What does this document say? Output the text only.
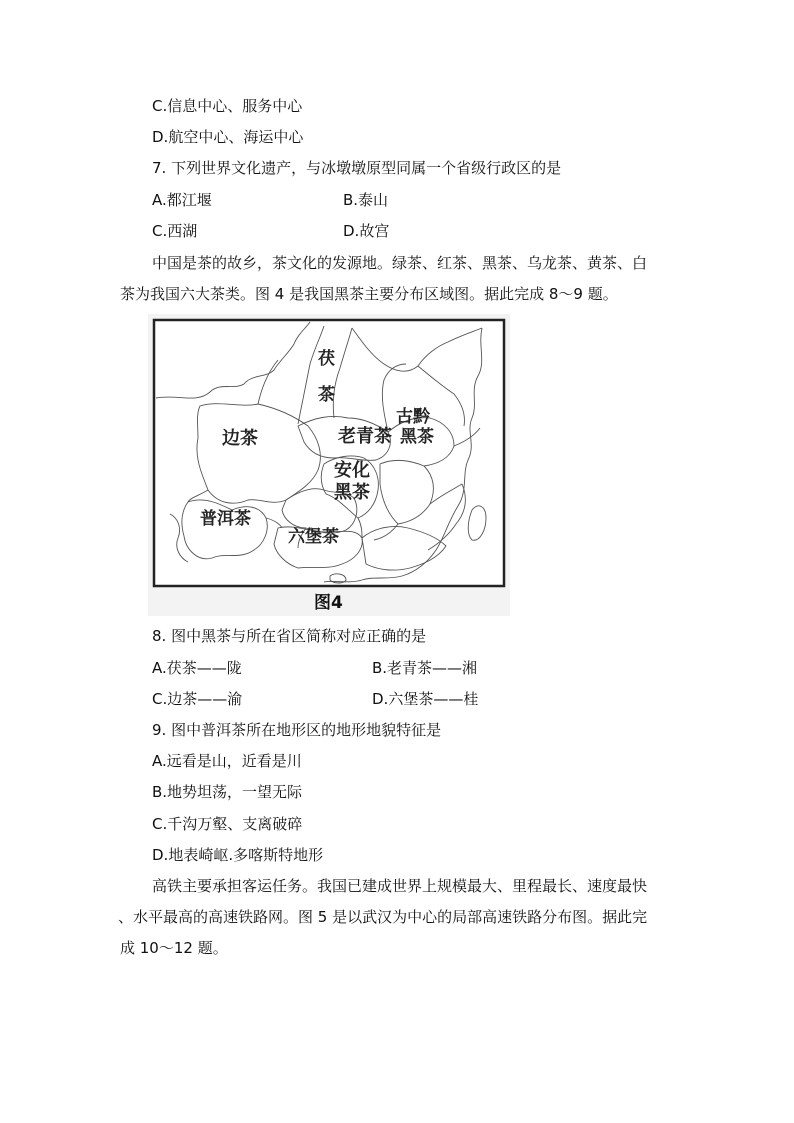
C.信息中心、服务中心
D.航空中心、海运中心
7. 下列世界文化遗产，与冰墩墩原型同属一个省级行政区的是
A.都江堰	B.泰山
C.西湖	D.故宫
中国是茶的故乡，茶文化的发源地。绿茶、红茶、黑茶、乌龙茶、黄茶、白
茶为我国六大茶类。图 4 是我国黑茶主要分布区域图。据此完成 8～9 题。
茯
茶
古黔
黑茶
边茶	老青茶
安化
黑茶
普洱茶
六堡茶
图4
8. 图中黑茶与所在省区简称对应正确的是
A.茯茶——陇	B.老青茶——湘
C.边茶——渝	D.六堡茶——桂
9. 图中普洱茶所在地形区的地形地貌特征是
A.远看是山，近看是川
B.地势坦荡，一望无际
C.千沟万壑、支离破碎
D.地表崎岖.多喀斯特地形
高铁主要承担客运任务。我国已建成世界上规模最大、里程最长、速度最快
、水平最高的高速铁路网。图 5 是以武汉为中心的局部高速铁路分布图。据此完
成 10～12 题。
